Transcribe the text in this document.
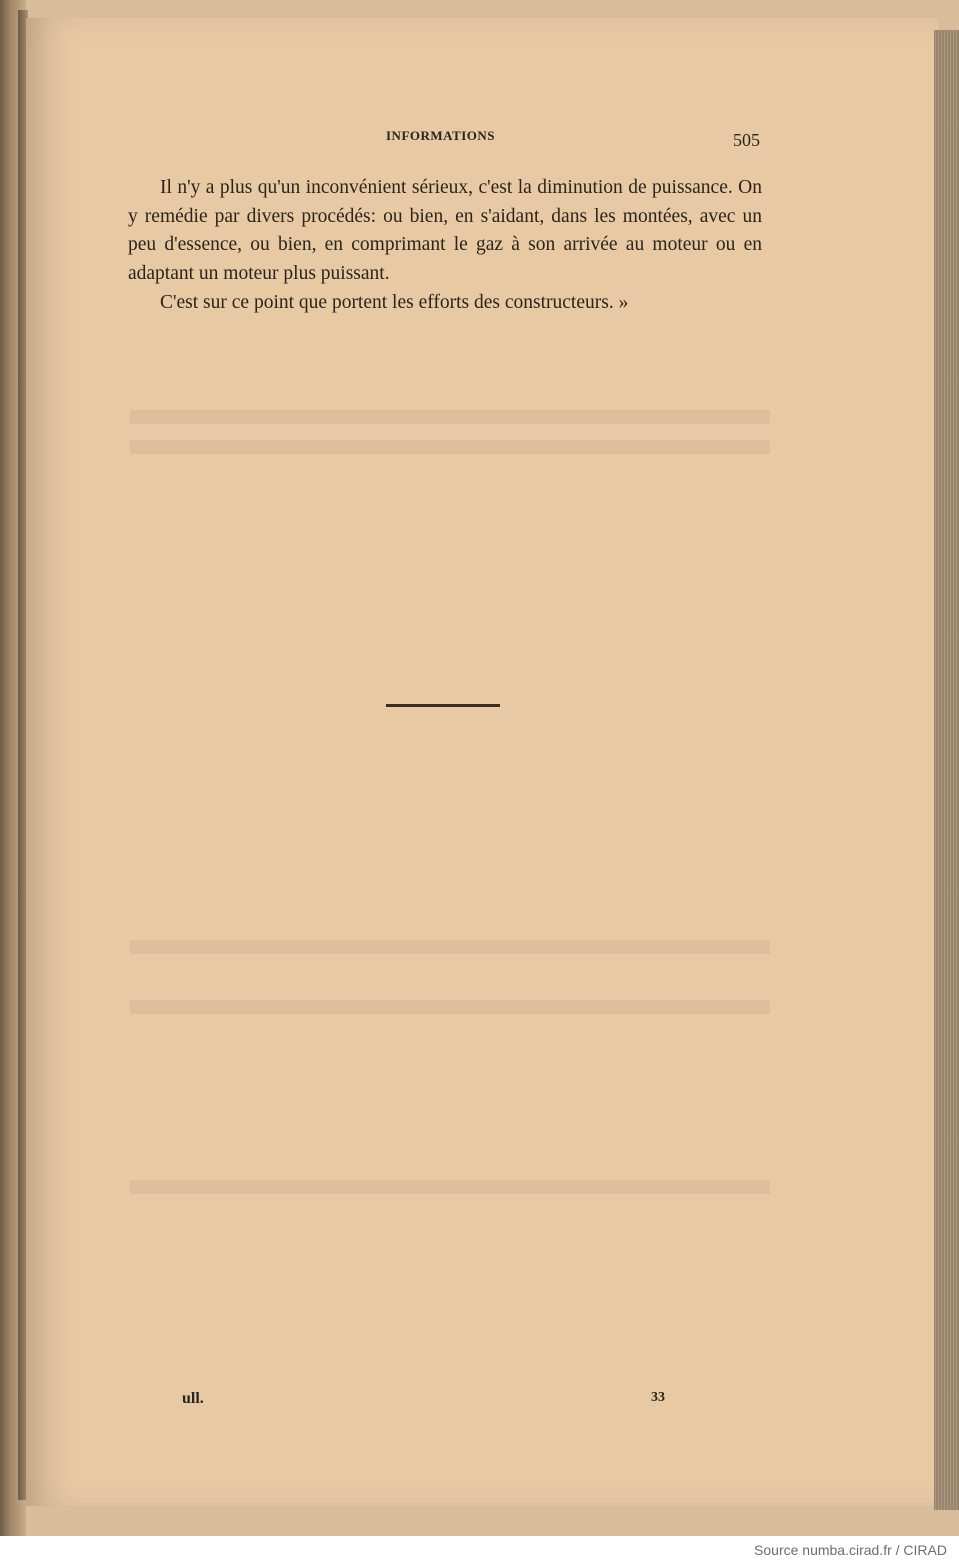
INFORMATIONS	505

Il n'y a plus qu'un inconvénient sérieux, c'est la diminution de puissance. On y remédie par divers procédés: ou bien, en s'aidant, dans les montées, avec un peu d'essence, ou bien, en comprimant le gaz à son arrivée au moteur ou en adaptant un moteur plus puissant.

C'est sur ce point que portent les efforts des constructeurs. »

ull.	33
Source numba.cirad.fr / CIRAD
